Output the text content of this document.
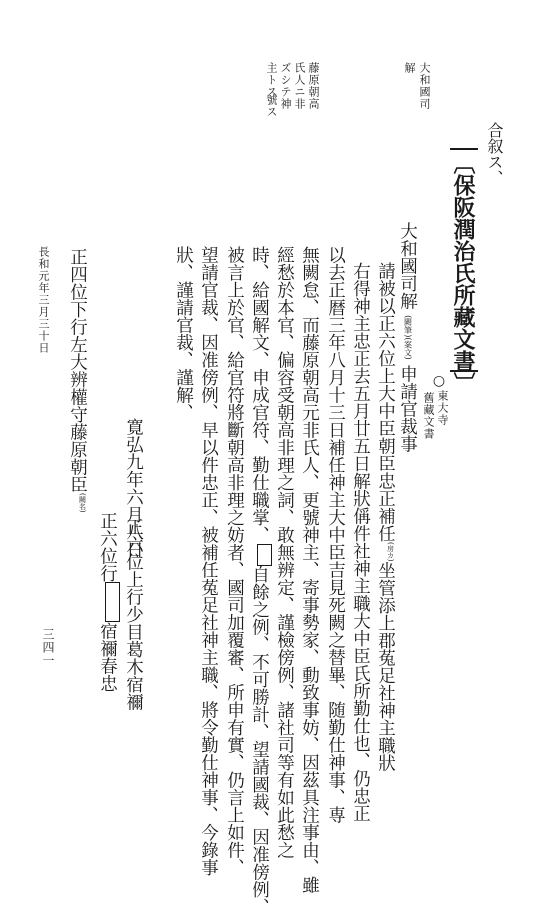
合叙ス、
大和國司
解
藤原朝高
氏人ニ非
ズシテ神
主トス
號ス
〔保阪潤治氏所藏文書〕
○
東大寺
舊藏文書
大和國司解 (闕筆)(案文) 申請官裁事
請被以正六位上大中臣朝臣忠正補任(房カ)坐管添上郡菟足社神主職狀
右得神主忠正去五月廿五日解狀偁件社神主職大中臣氏所勤仕也、仍忠正
以去正暦三年八月十三日補任神主大中臣吉見死闕之替畢、随勤仕神事、専
無闕怠、而藤原朝高元非氏人、更號神主、寄事勢家、動致事妨、因茲具注事由、雖
經愁於本官、偏容受朝高非理之詞、敢無辨定、謹檢傍例、諸社司等有如此愁之
時、給國解文、申成官符、勤仕職掌、自餘之例、不可勝計、望請國裁、因准傍例、
被言上於官、給官符將斷朝高非理之妨者、國司加覆審、所申有實、仍言上如件、
望請官裁、因准傍例、早以件忠正、被補任菟足社神主職、將令勤仕神事、今錄事
狀、謹請官裁、謹解、
寛弘九年六月八日
正四位下行左大辨權守藤原朝臣(闕名)
正六位上行少目葛木宿禰
正六位行宿禰春忠
長和元年三月三十日
三四一
